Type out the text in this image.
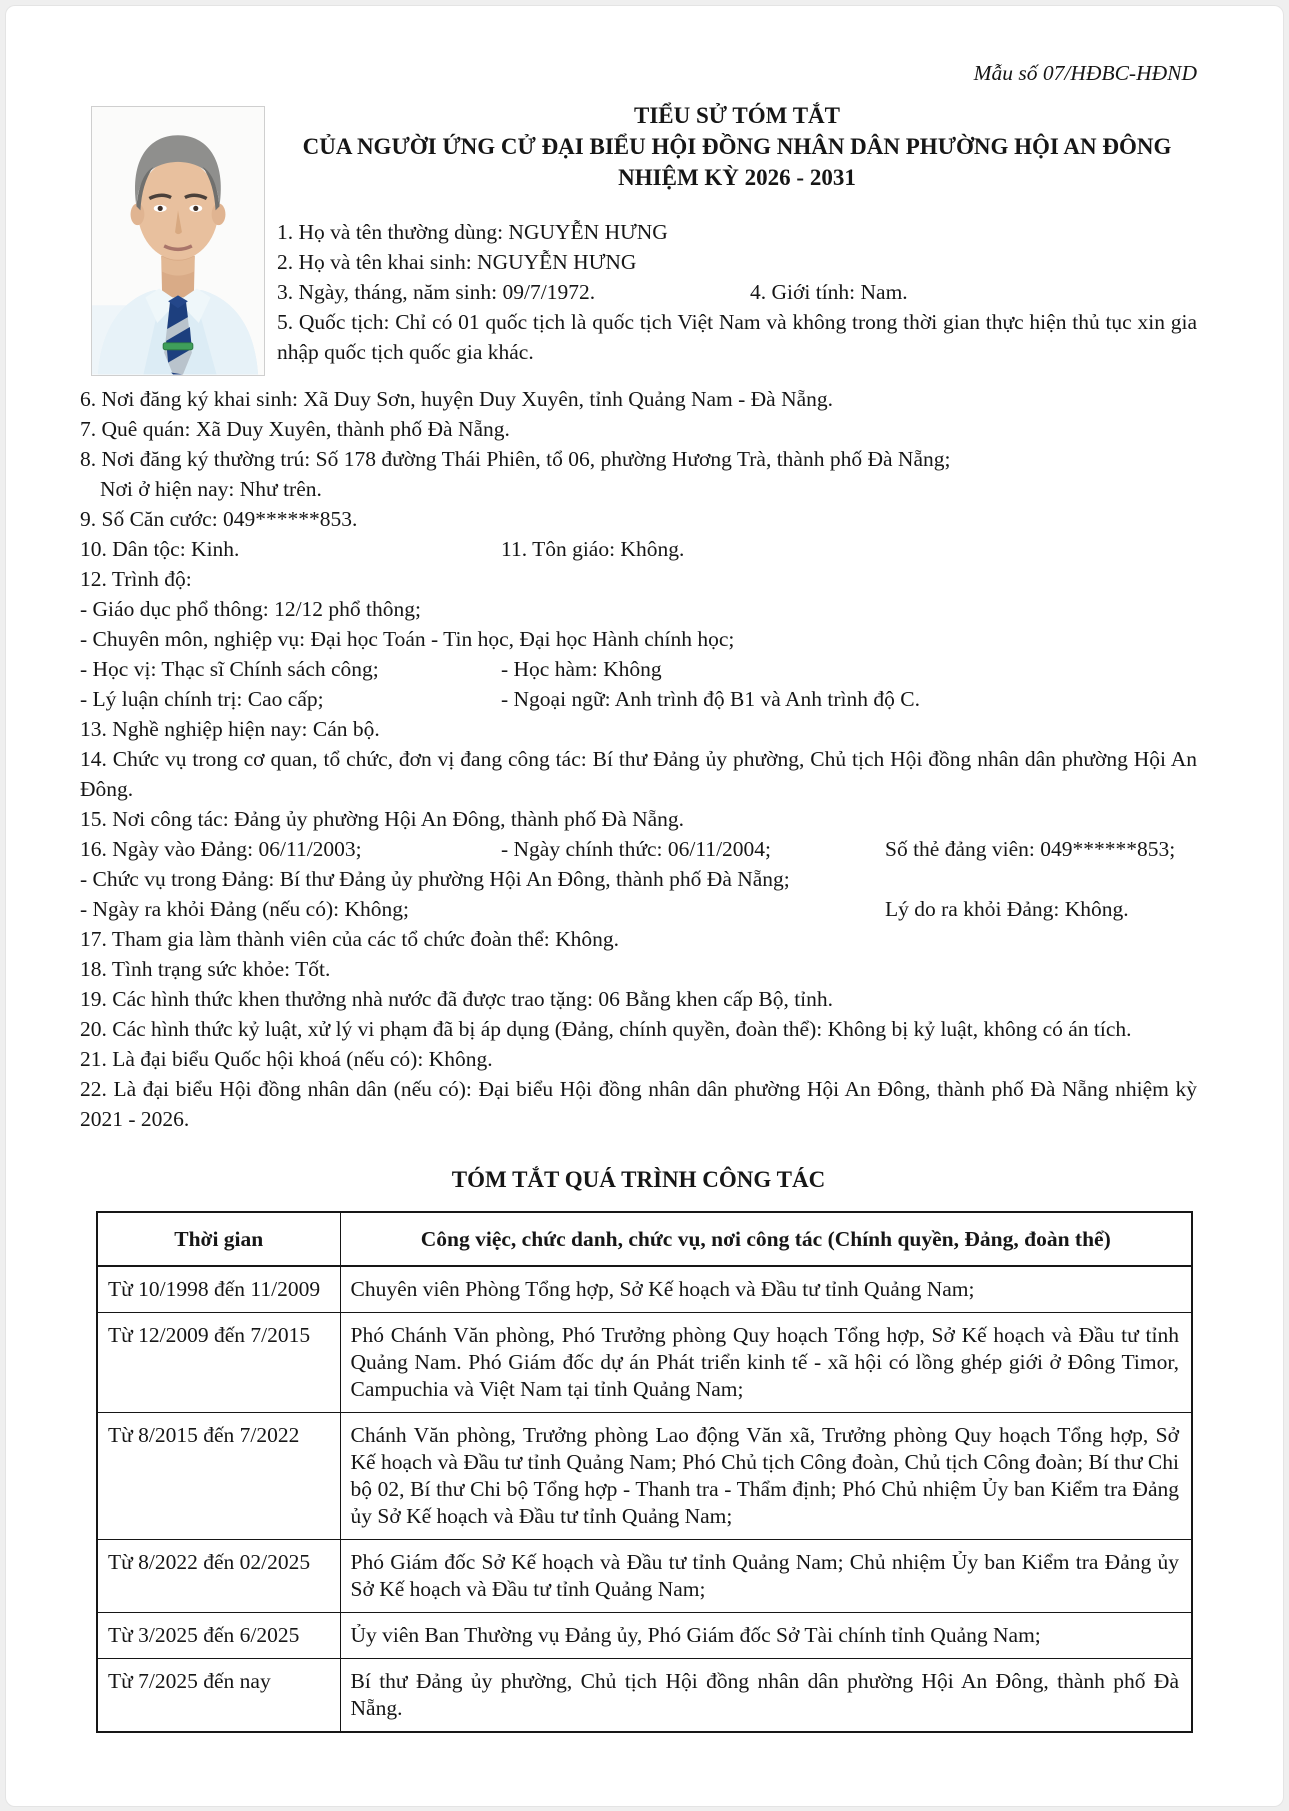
Mẫu số 07/HĐBC-HĐND
TIỂU SỬ TÓM TẮT
CỦA NGƯỜI ỨNG CỬ ĐẠI BIỂU HỘI ĐỒNG NHÂN DÂN PHƯỜNG HỘI AN ĐÔNG
NHIỆM KỲ 2026 - 2031
1. Họ và tên thường dùng: NGUYỄN HƯNG
2. Họ và tên khai sinh: NGUYỄN HƯNG
3. Ngày, tháng, năm sinh: 09/7/1972.	4. Giới tính: Nam.
5. Quốc tịch: Chỉ có 01 quốc tịch là quốc tịch Việt Nam và không trong thời gian thực hiện thủ tục xin gia nhập quốc tịch quốc gia khác.
6. Nơi đăng ký khai sinh: Xã Duy Sơn, huyện Duy Xuyên, tỉnh Quảng Nam - Đà Nẵng.
7. Quê quán: Xã Duy Xuyên, thành phố Đà Nẵng.
8. Nơi đăng ký thường trú: Số 178 đường Thái Phiên, tổ 06, phường Hương Trà, thành phố Đà Nẵng;
Nơi ở hiện nay: Như trên.
9. Số Căn cước: 049******853.
10. Dân tộc: Kinh.	11. Tôn giáo: Không.
12. Trình độ:
- Giáo dục phổ thông: 12/12 phổ thông;
- Chuyên môn, nghiệp vụ: Đại học Toán - Tin học, Đại học Hành chính học;
- Học vị: Thạc sĩ Chính sách công;	- Học hàm: Không
- Lý luận chính trị: Cao cấp;	- Ngoại ngữ: Anh trình độ B1 và Anh trình độ C.
13. Nghề nghiệp hiện nay: Cán bộ.
14. Chức vụ trong cơ quan, tổ chức, đơn vị đang công tác: Bí thư Đảng ủy phường, Chủ tịch Hội đồng nhân dân phường Hội An Đông.
15. Nơi công tác: Đảng ủy phường Hội An Đông, thành phố Đà Nẵng.
16. Ngày vào Đảng: 06/11/2003;	- Ngày chính thức: 06/11/2004;	Số thẻ đảng viên: 049******853;
- Chức vụ trong Đảng: Bí thư Đảng ủy phường Hội An Đông, thành phố Đà Nẵng;
- Ngày ra khỏi Đảng (nếu có): Không;	Lý do ra khỏi Đảng: Không.
17. Tham gia làm thành viên của các tổ chức đoàn thể: Không.
18. Tình trạng sức khỏe: Tốt.
19. Các hình thức khen thưởng nhà nước đã được trao tặng: 06 Bằng khen cấp Bộ, tỉnh.
20. Các hình thức kỷ luật, xử lý vi phạm đã bị áp dụng (Đảng, chính quyền, đoàn thể): Không bị kỷ luật, không có án tích.
21. Là đại biểu Quốc hội khoá (nếu có): Không.
22. Là đại biểu Hội đồng nhân dân (nếu có): Đại biểu Hội đồng nhân dân phường Hội An Đông, thành phố Đà Nẵng nhiệm kỳ 2021 - 2026.
TÓM TẮT QUÁ TRÌNH CÔNG TÁC
Thời gian	Công việc, chức danh, chức vụ, nơi công tác (Chính quyền, Đảng, đoàn thể)
Từ 10/1998 đến 11/2009	Chuyên viên Phòng Tổng hợp, Sở Kế hoạch và Đầu tư tỉnh Quảng Nam;
Từ 12/2009 đến 7/2015	Phó Chánh Văn phòng, Phó Trưởng phòng Quy hoạch Tổng hợp, Sở Kế hoạch và Đầu tư tỉnh Quảng Nam. Phó Giám đốc dự án Phát triển kinh tế - xã hội có lồng ghép giới ở Đông Timor, Campuchia và Việt Nam tại tỉnh Quảng Nam;
Từ 8/2015 đến 7/2022	Chánh Văn phòng, Trưởng phòng Lao động Văn xã, Trưởng phòng Quy hoạch Tổng hợp, Sở Kế hoạch và Đầu tư tỉnh Quảng Nam; Phó Chủ tịch Công đoàn, Chủ tịch Công đoàn; Bí thư Chi bộ 02, Bí thư Chi bộ Tổng hợp - Thanh tra - Thẩm định; Phó Chủ nhiệm Ủy ban Kiểm tra Đảng ủy Sở Kế hoạch và Đầu tư tỉnh Quảng Nam;
Từ 8/2022 đến 02/2025	Phó Giám đốc Sở Kế hoạch và Đầu tư tỉnh Quảng Nam; Chủ nhiệm Ủy ban Kiểm tra Đảng ủy Sở Kế hoạch và Đầu tư tỉnh Quảng Nam;
Từ 3/2025 đến 6/2025	Ủy viên Ban Thường vụ Đảng ủy, Phó Giám đốc Sở Tài chính tỉnh Quảng Nam;
Từ 7/2025 đến nay	Bí thư Đảng ủy phường, Chủ tịch Hội đồng nhân dân phường Hội An Đông, thành phố Đà Nẵng.
